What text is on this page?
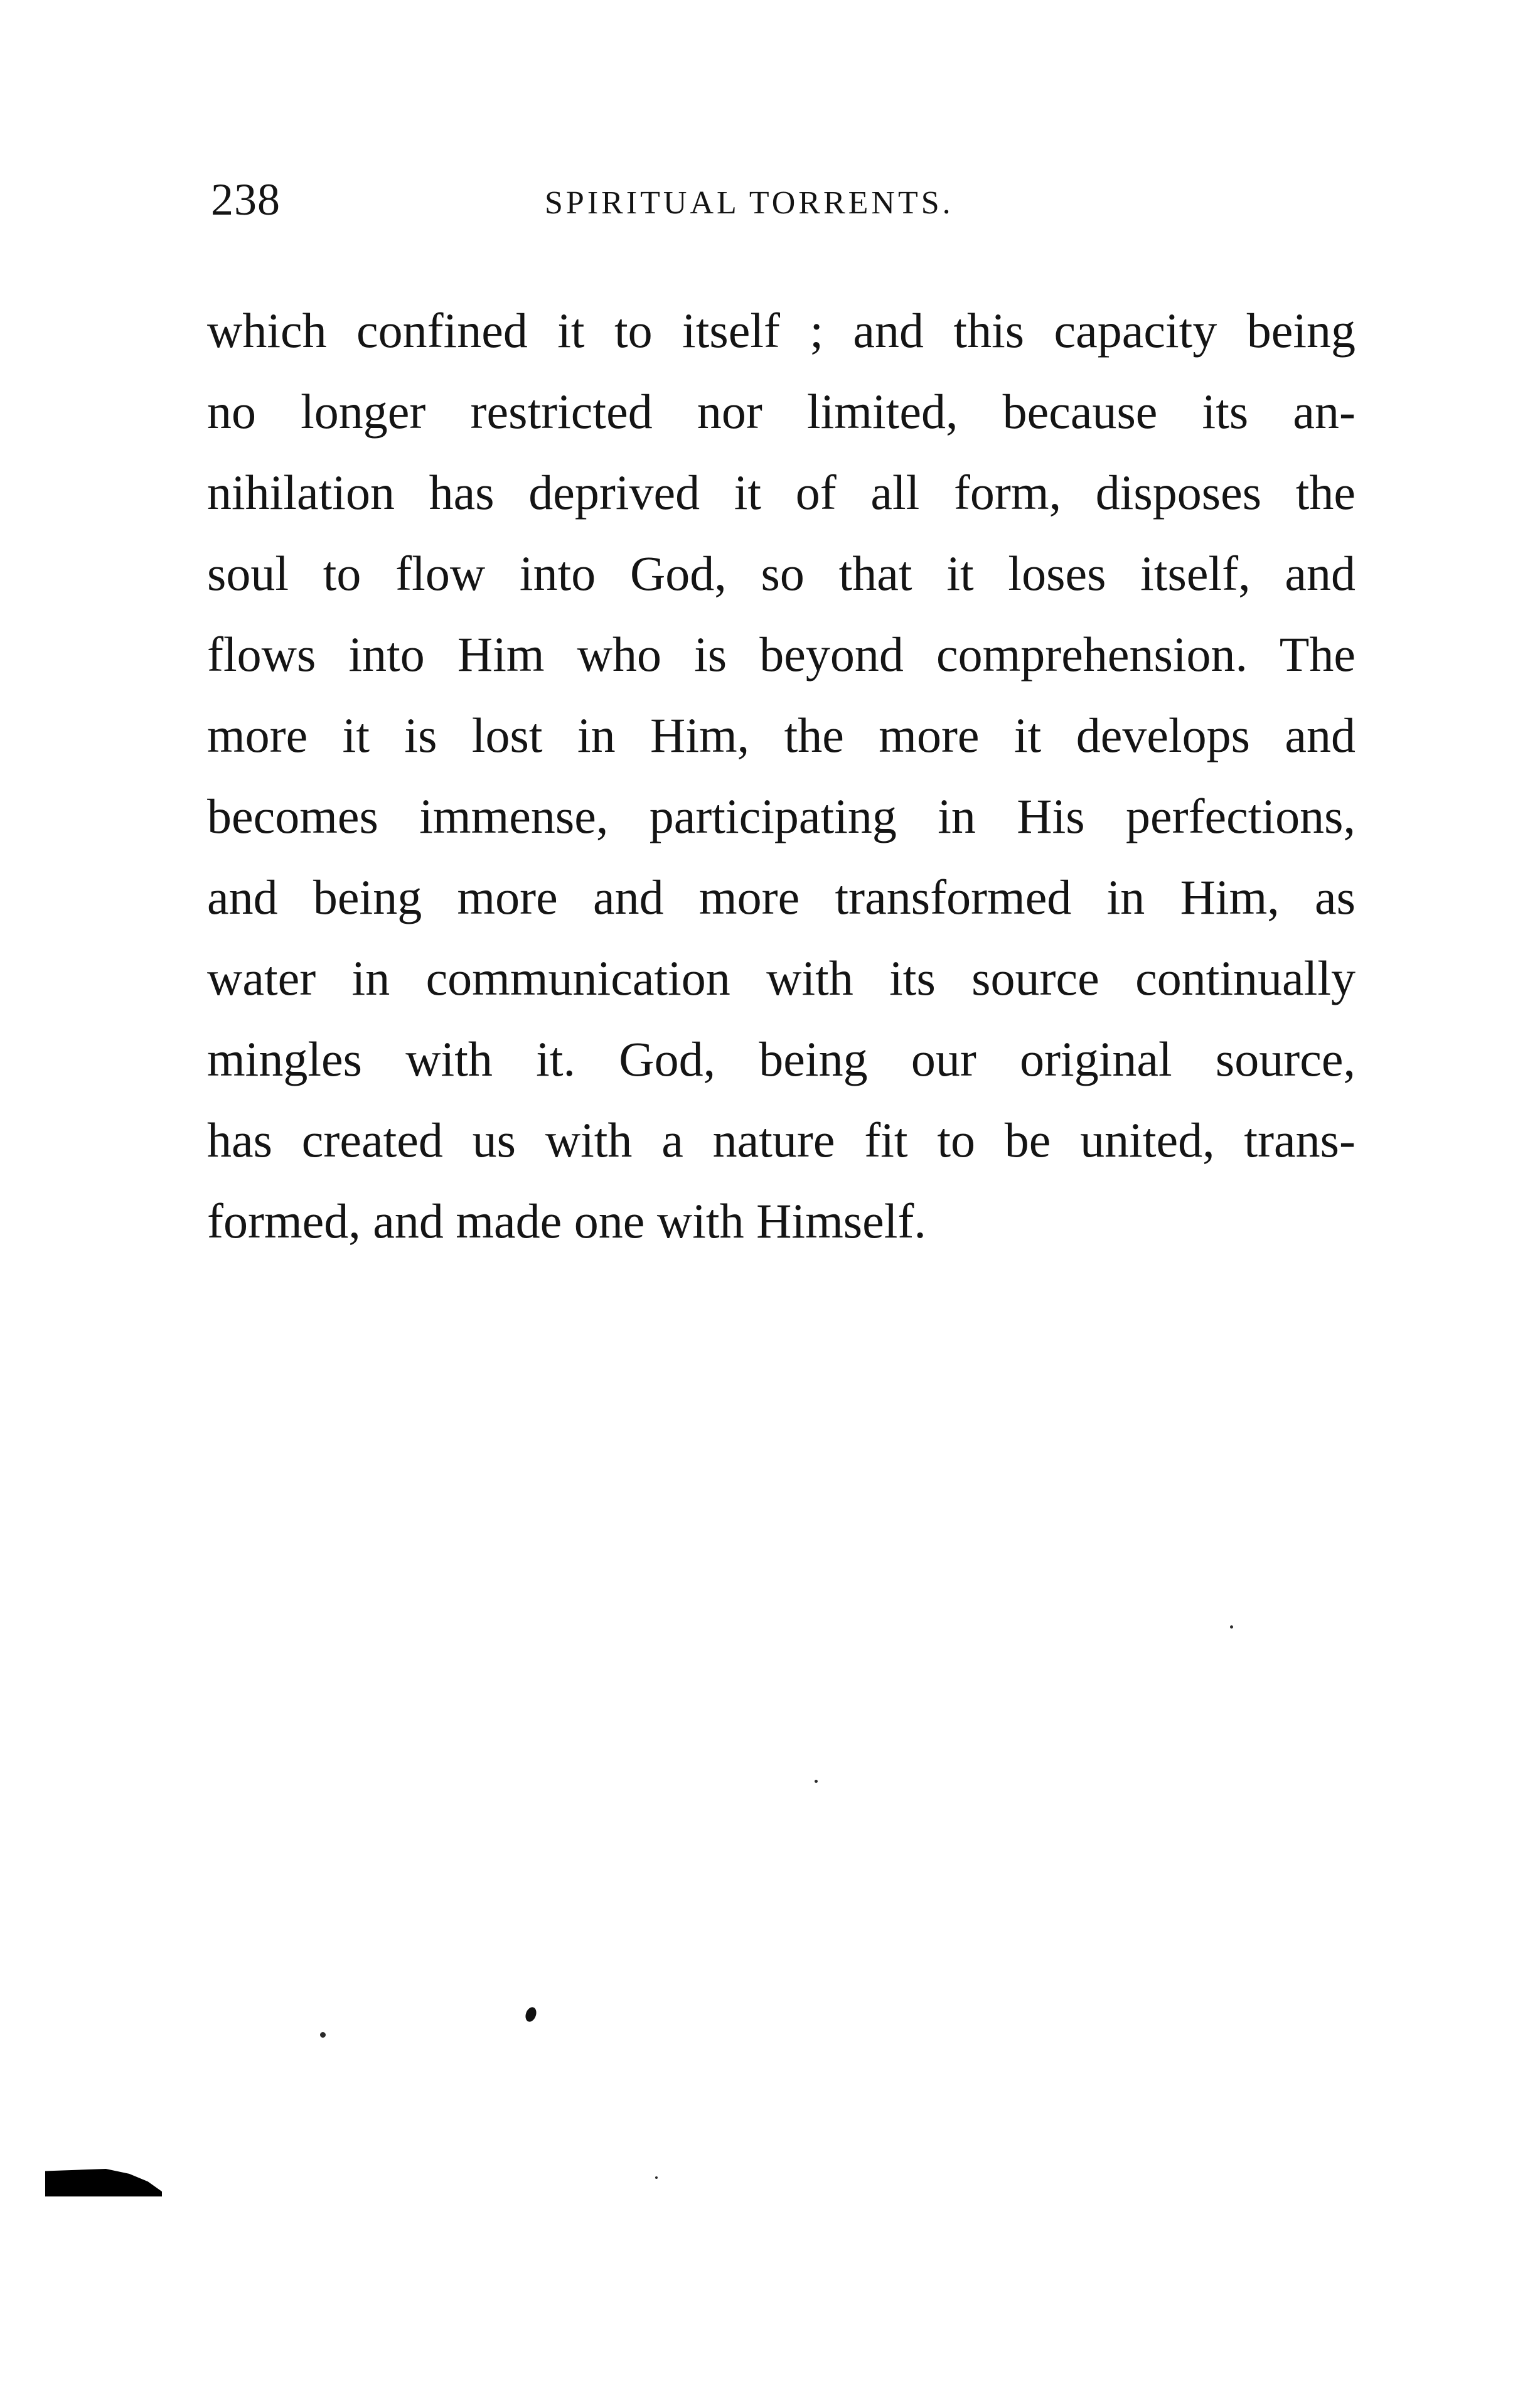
238	SPIRITUAL TORRENTS.
which confined it to itself ; and this capacity being
no longer restricted nor limited, because its an-
nihilation has deprived it of all form, disposes the
soul to flow into God, so that it loses itself, and
flows into Him who is beyond comprehension. The
more it is lost in Him, the more it develops and
becomes immense, participating in His perfections,
and being more and more transformed in Him, as
water in communication with its source continually
mingles with it. God, being our original source,
has created us with a nature fit to be united, trans-
formed, and made one with Himself.
